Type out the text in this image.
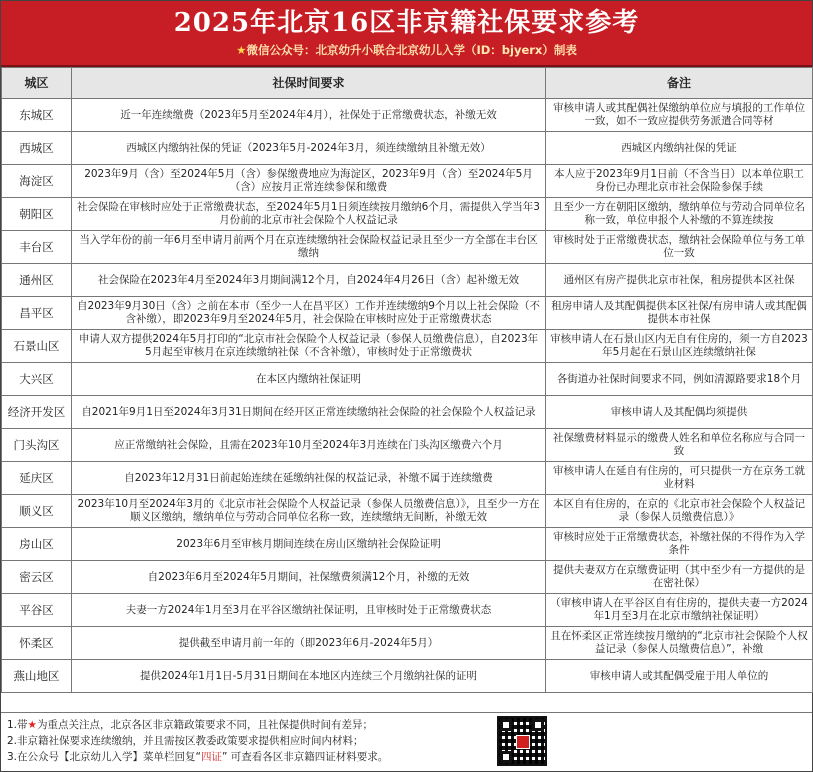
2025年北京16区非京籍社保要求参考
★微信公众号：北京幼升小联合北京幼儿入学（ID：bjyerx）制表
城区	社保时间要求	备注
东城区	近一年连续缴费（2023年5月至2024年4月），社保处于正常缴费状态，补缴无效	审核申请人或其配偶社保缴纳单位应与填报的工作单位一致，如不一致应提供劳务派遣合同等材
西城区	西城区内缴纳社保的凭证（2023年5月-2024年3月，须连续缴纳且补缴无效）	西城区内缴纳社保的凭证
海淀区	2023年9月（含）至2024年5月（含）参保缴费地应为海淀区，2023年9月（含）至2024年5月（含）应按月正常连续参保和缴费	本人应于2023年9月1日前（不含当日）以本单位职工身份已办理北京市社会保险参保手续
朝阳区	社会保险在审核时应处于正常缴费状态，至2024年5月1日须连续按月缴纳6个月，需提供入学当年3月份前的北京市社会保险个人权益记录	且至少一方在朝阳区缴纳，缴纳单位与劳动合同单位名称一致，单位申报个人补缴的不算连续按
丰台区	当入学年份的前一年6月至申请月前两个月在京连续缴纳社会保险权益记录且至少一方全部在丰台区缴纳	审核时处于正常缴费状态，缴纳社会保险单位与务工单位一致
通州区	社会保险在2023年4月至2024年3月期间满12个月，自2024年4月26日（含）起补缴无效	通州区有房产提供北京市社保，租房提供本区社保
昌平区	自2023年9月30日（含）之前在本市（至少一人在昌平区）工作并连续缴纳9个月以上社会保险（不含补缴），即2023年9月至2024年5月，社会保险在审核时应处于正常缴费状态	租房申请人及其配偶提供本区社保/有房申请人或其配偶提供本市社保
石景山区	申请人双方提供2024年5月打印的“北京市社会保险个人权益记录（参保人员缴费信息），自2023年5月起至审核月在京连续缴纳社保（不含补缴），审核时处于正常缴费状	审核申请人在石景山区内无自有住房的，须一方自2023年5月起在石景山区连续缴纳社保
大兴区	在本区内缴纳社保证明	各街道办社保时间要求不同，例如清源路要求18个月
经济开发区	自2021年9月1日至2024年3月31日期间在经开区正常连续缴纳社会保险的社会保险个人权益记录	审核申请人及其配偶均须提供
门头沟区	应正常缴纳社会保险，且需在2023年10月至2024年3月连续在门头沟区缴费六个月	社保缴费材料显示的缴费人姓名和单位名称应与合同一致
延庆区	自2023年12月31日前起始连续在延缴纳社保的权益记录，补缴不属于连续缴费	审核申请人在延自有住房的，可只提供一方在京务工就业材料
顺义区	2023年10月至2024年3月的《北京市社会保险个人权益记录（参保人员缴费信息）》，且至少一方在顺义区缴纳，缴纳单位与劳动合同单位名称一致，连续缴纳无间断，补缴无效	本区自有住房的，在京的《北京市社会保险个人权益记录（参保人员缴费信息）》
房山区	2023年6月至审核月期间连续在房山区缴纳社会保险证明	审核时应处于正常缴费状态，补缴社保的不得作为入学条件
密云区	自2023年6月至2024年5月期间，社保缴费须满12个月，补缴的无效	提供夫妻双方在京缴费证明（其中至少有一方提供的是在密社保）
平谷区	夫妻一方2024年1月至3月在平谷区缴纳社保证明，且审核时处于正常缴费状态	（审核申请人在平谷区自有住房的，提供夫妻一方2024年1月至3月在北京市缴纳社保证明）
怀柔区	提供截至申请月前一年的（即2023年6月-2024年5月）	且在怀柔区正常连续按月缴纳的“北京市社会保险个人权益记录（参保人员缴费信息）”，补缴
燕山地区	提供2024年1月1日-5月31日期间在本地区内连续三个月缴纳社保的证明	审核申请人或其配偶受雇于用人单位的
1.带★为重点关注点，北京各区非京籍政策要求不同，且社保提供时间有差异；
2.非京籍社保要求连续缴纳，并且需按区教委政策要求提供相应时间内材料；
3.在公众号【北京幼儿入学】菜单栏回复“四证” 可查看各区非京籍四证材料要求。
